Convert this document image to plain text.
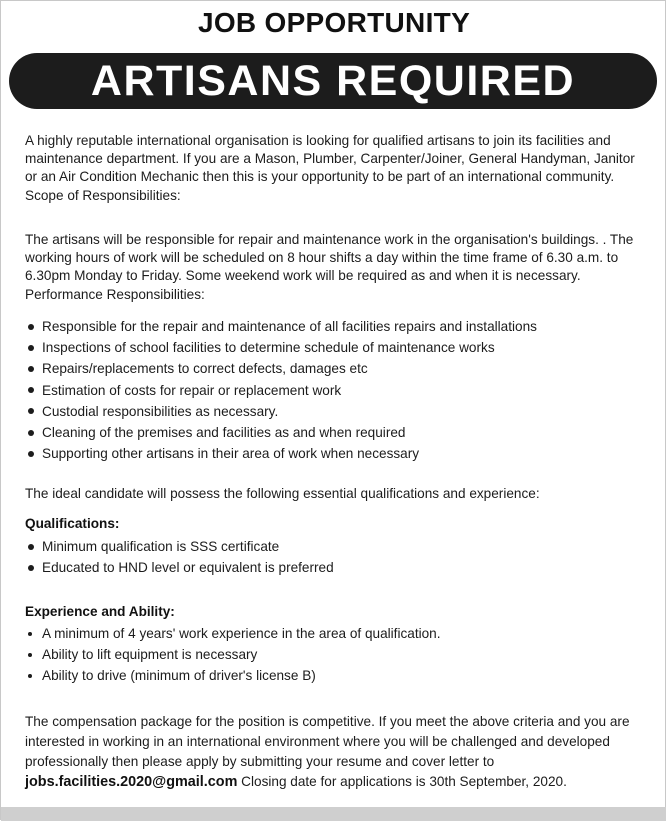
JOB OPPORTUNITY
ARTISANS REQUIRED
A highly reputable international organisation is looking for qualified artisans to join its facilities and
maintenance department. If you are a Mason, Plumber, Carpenter/Joiner, General Handyman, Janitor
or an Air Condition Mechanic then this is your opportunity to be part of an international community.
Scope of Responsibilities:
The artisans will be responsible for repair and maintenance work in the organisation's buildings. . The
working hours of work will be scheduled on 8 hour shifts a day within the time frame of 6.30 a.m. to
6.30pm Monday to Friday. Some weekend work will be required as and when it is necessary.
Performance Responsibilities:
Responsible for the repair and maintenance of all facilities repairs and installations
Inspections of school facilities to determine schedule of maintenance works
Repairs/replacements to correct defects, damages etc
Estimation of costs for repair or replacement work
Custodial responsibilities as necessary.
Cleaning of the premises and facilities as and when required
Supporting other artisans in their area of work when necessary
The ideal candidate will possess the following essential qualifications and experience:
Qualifications:
Minimum qualification is SSS certificate
Educated to HND level or equivalent is preferred
Experience and Ability:
A minimum of 4 years' work experience in the area of qualification.
Ability to lift equipment is necessary
Ability to drive (minimum of driver's license B)
The compensation package for the position is competitive. If you meet the above criteria and you are
interested in working in an international environment where you will be challenged and developed
professionally then please apply by submitting your resume and cover letter to
jobs.facilities.2020@gmail.com Closing date for applications is 30th September, 2020.
